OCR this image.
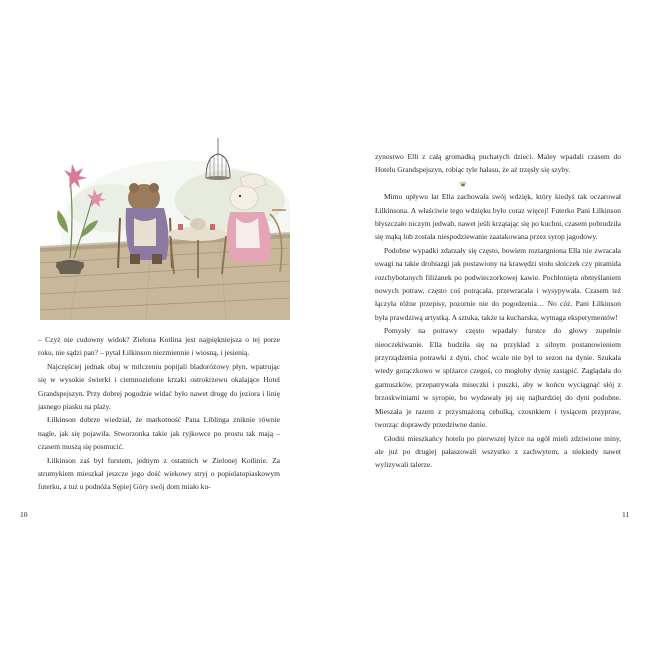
– Czyż nie cudowny widok? Zielona Kotlina jest najpiękniejsza o tej porze roku, nie sądzi pan? – pytał Łilkinson niezmiennie i wiosną, i jesienią.

Najczęściej jednak obaj w milczeniu popijali bladoróżowy płyn, wpatrując się w wysokie świerki i ciemnozielone krzaki ostrokrzewu okalające Hotel Grandspejszyn. Przy dobrej pogodzie widać było nawet drogę do jeziora i linię jasnego piasku na plaży.

Łilkinson dobrze wiedział, że markotność Pana Liblinga zniknie równie nagle, jak się pojawiła. Stworzonka takie jak ryjkowce po prostu tak mają – czasem muszą się posmucić.

Łilkinson zaś był furstem, jednym z ostatnich w Zielonej Kotlinie. Za strumykiem mieszkał jeszcze jego dość wiekowy stryj o popielatopiaskowym futerku, a tuż u podnóża Sępiej Góry swój dom miało ku-

10

zynostwo Elli z całą gromadką puchatych dzieci. Maley wpadali czasem do Hotelu Grandspejszyn, robiąc tyle hałasu, że aż trzęsły się szyby.

Mimo upływu lat Ella zachowała swój wdzięk, który kiedyś tak oczarował Łilkinsona. A właściwie tego wdzięku było coraz więcej! Futerko Pani Łilkinson błyszczało niczym jedwab, nawet jeśli krzątając się po kuchni, czasem pobrudziła się mąką lub została niespodziewanie zaatakowana przez syrop jagodowy.

Podobne wypadki zdarzały się często, bowiem roztargniona Ella nie zwracała uwagi na takie drobiazgi jak postawiony na krawędzi stołu słoiczek czy piramida rozchybotanych filiżanek po podwieczorkowej kawie. Pochłonięta obmyślaniem nowych potraw, często coś potrącała, przewracała i wysypywała. Czasem też łączyła różne przepisy, pozornie nie do pogodzenia… No cóż. Pani Łilkinson była prawdziwą artystką. A sztuka, także ta kucharska, wymaga eksperymentów!

Pomysły na potrawy często wpadały furstce do głowy zupełnie nieoczekiwanie. Ella budziła się na przykład z silnym postanowieniem przyrządzenia potrawki z dyni, choć wcale nie był to sezon na dynie. Szukała wtedy gorączkowo w spiżarce czegoś, co mogłoby dynię zastąpić. Zaglądała do garnuszków, przepatrywała miseczki i puszki, aby w końcu wyciągnąć słój z brzoskwiniami w syropie, bo wydawały jej się najbardziej do dyni podobne. Mieszała je razem z przysmażoną cebulką, czosnkiem i tysiącem przypraw, tworząc doprawdy przedziwne danie.

Głodni mieszkańcy hotelu po pierwszej łyżce na ogół mieli zdziwione miny, ale już po drugiej pałaszowali wszystko z zachwytem, a niekiedy nawet wylizywali talerze.

11
